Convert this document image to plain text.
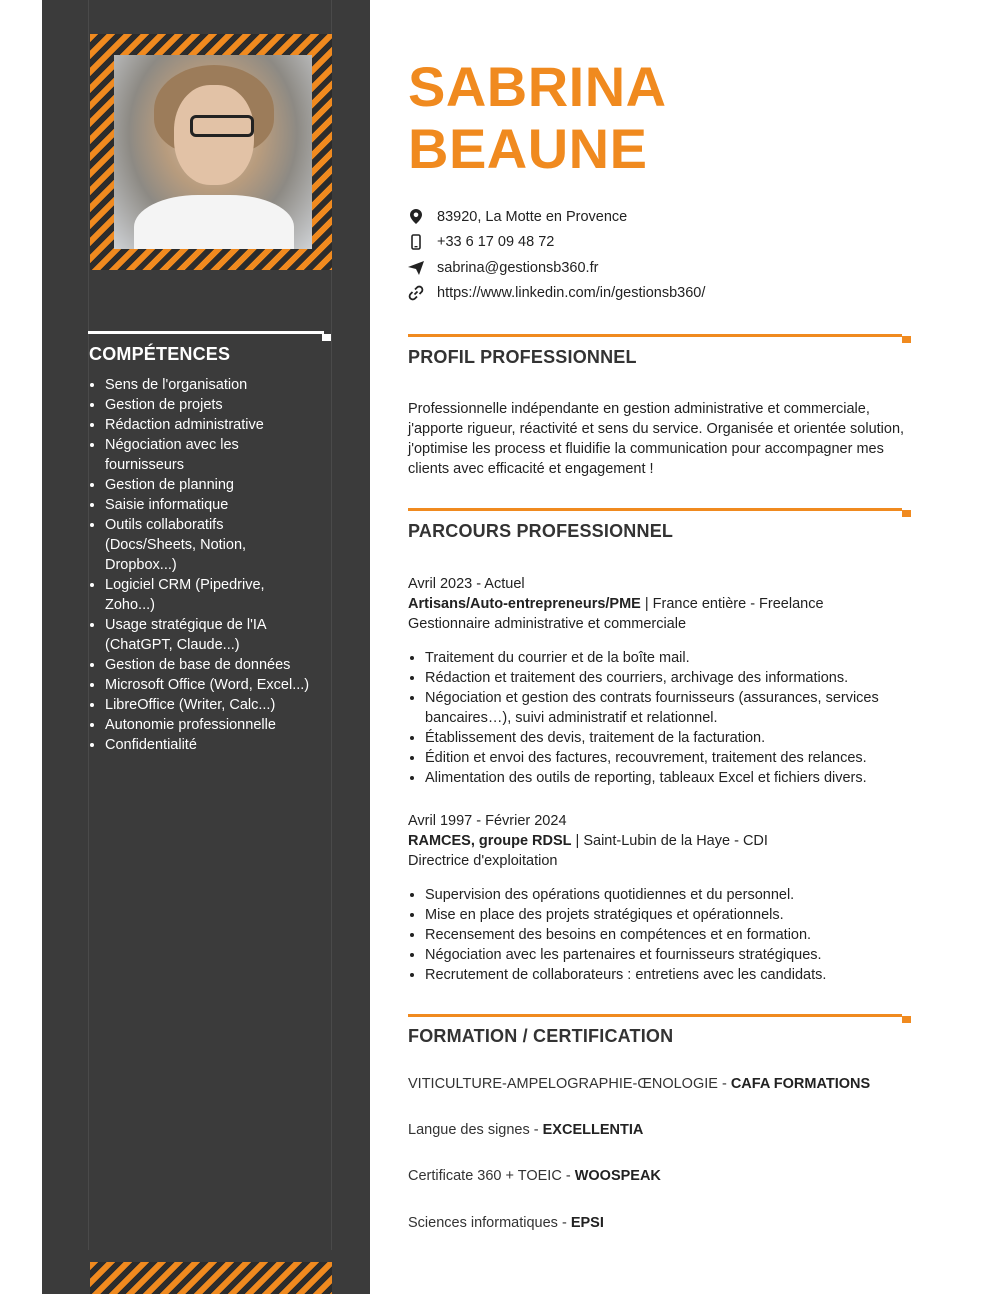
COMPÉTENCES
• Sens de l'organisation
• Gestion de projets
• Rédaction administrative
• Négociation avec les fournisseurs
• Gestion de planning
• Saisie informatique
• Outils collaboratifs (Docs/Sheets, Notion, Dropbox...)
• Logiciel CRM (Pipedrive, Zoho...)
• Usage stratégique de l'IA (ChatGPT, Claude...)
• Gestion de base de données
• Microsoft Office (Word, Excel...)
• LibreOffice (Writer, Calc...)
• Autonomie professionnelle
• Confidentialité
SABRINA
BEAUNE
83920, La Motte en Provence
+33 6 17 09 48 72
sabrina@gestionsb360.fr
https://www.linkedin.com/in/gestionsb360/
PROFIL PROFESSIONNEL

Professionnelle indépendante en gestion administrative et commerciale, j'apporte rigueur, réactivité et sens du service. Organisée et orientée solution, j'optimise les process et fluidifie la communication pour accompagner mes clients avec efficacité et engagement !

PARCOURS PROFESSIONNEL

Avril 2023 - Actuel

Artisans/Auto-entrepreneurs/PME | France entière - Freelance

Gestionnaire administrative et commerciale

• Traitement du courrier et de la boîte mail.
• Rédaction et traitement des courriers, archivage des informations.
• Négociation et gestion des contrats fournisseurs (assurances, services bancaires…), suivi administratif et relationnel.
• Établissement des devis, traitement de la facturation.
• Édition et envoi des factures, recouvrement, traitement des relances.
• Alimentation des outils de reporting, tableaux Excel et fichiers divers.

Avril 1997 - Février 2024

RAMCES, groupe RDSL | Saint-Lubin de la Haye - CDI

Directrice d'exploitation

• Supervision des opérations quotidiennes et du personnel.
• Mise en place des projets stratégiques et opérationnels.
• Recensement des besoins en compétences et en formation.
• Négociation avec les partenaires et fournisseurs stratégiques.
• Recrutement de collaborateurs : entretiens avec les candidats.
FORMATION / CERTIFICATION

VITICULTURE-AMPELOGRAPHIE-ŒNOLOGIE - CAFA FORMATIONS

Langue des signes - EXCELLENTIA

Certificate 360 + TOEIC - WOOSPEAK

Sciences informatiques - EPSI
